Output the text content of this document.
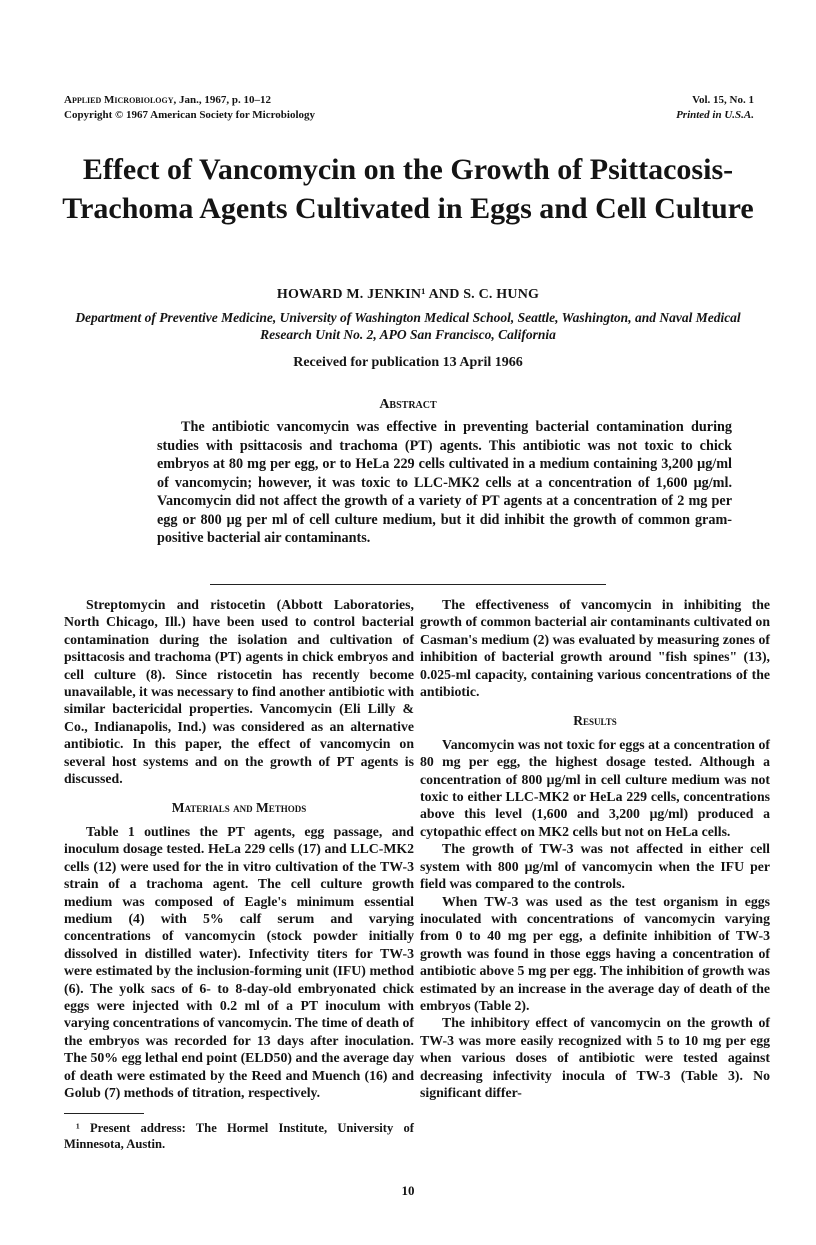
Applied Microbiology, Jan., 1967, p. 10–12
Copyright © 1967 American Society for Microbiology
Vol. 15, No. 1
Printed in U.S.A.
Effect of Vancomycin on the Growth of Psittacosis-Trachoma Agents Cultivated in Eggs and Cell Culture
HOWARD M. JENKIN¹ AND S. C. HUNG
Department of Preventive Medicine, University of Washington Medical School, Seattle, Washington, and Naval Medical Research Unit No. 2, APO San Francisco, California
Received for publication 13 April 1966
Abstract

The antibiotic vancomycin was effective in preventing bacterial contamination during studies with psittacosis and trachoma (PT) agents. This antibiotic was not toxic to chick embryos at 80 mg per egg, or to HeLa 229 cells cultivated in a medium containing 3,200 μg/ml of vancomycin; however, it was toxic to LLC-MK2 cells at a concentration of 1,600 μg/ml. Vancomycin did not affect the growth of a variety of PT agents at a concentration of 2 mg per egg or 800 μg per ml of cell culture medium, but it did inhibit the growth of common gram-positive bacterial air contaminants.

Streptomycin and ristocetin (Abbott Laboratories, North Chicago, Ill.) have been used to control bacterial contamination during the isolation and cultivation of psittacosis and trachoma (PT) agents in chick embryos and cell culture (8). Since ristocetin has recently become unavailable, it was necessary to find another antibiotic with similar bactericidal properties. Vancomycin (Eli Lilly & Co., Indianapolis, Ind.) was considered as an alternative antibiotic. In this paper, the effect of vancomycin on several host systems and on the growth of PT agents is discussed.

Materials and Methods

Table 1 outlines the PT agents, egg passage, and inoculum dosage tested. HeLa 229 cells (17) and LLC-MK2 cells (12) were used for the in vitro cultivation of the TW-3 strain of a trachoma agent. The cell culture growth medium was composed of Eagle's minimum essential medium (4) with 5% calf serum and varying concentrations of vancomycin (stock powder initially dissolved in distilled water). Infectivity titers for TW-3 were estimated by the inclusion-forming unit (IFU) method (6). The yolk sacs of 6- to 8-day-old embryonated chick eggs were injected with 0.2 ml of a PT inoculum with varying concentrations of vancomycin. The time of death of the embryos was recorded for 13 days after inoculation. The 50% egg lethal end point (ELD50) and the average day of death were estimated by the Reed and Muench (16) and Golub (7) methods of titration, respectively.

¹ Present address: The Hormel Institute, University of Minnesota, Austin.

The effectiveness of vancomycin in inhibiting the growth of common bacterial air contaminants cultivated on Casman's medium (2) was evaluated by measuring zones of inhibition of bacterial growth around "fish spines" (13), 0.025-ml capacity, containing various concentrations of the antibiotic.

Results

Vancomycin was not toxic for eggs at a concentration of 80 mg per egg, the highest dosage tested. Although a concentration of 800 μg/ml in cell culture medium was not toxic to either LLC-MK2 or HeLa 229 cells, concentrations above this level (1,600 and 3,200 μg/ml) produced a cytopathic effect on MK2 cells but not on HeLa cells.

The growth of TW-3 was not affected in either cell system with 800 μg/ml of vancomycin when the IFU per field was compared to the controls.

When TW-3 was used as the test organism in eggs inoculated with concentrations of vancomycin varying from 0 to 40 mg per egg, a definite inhibition of TW-3 growth was found in those eggs having a concentration of antibiotic above 5 mg per egg. The inhibition of growth was estimated by an increase in the average day of death of the embryos (Table 2).

The inhibitory effect of vancomycin on the growth of TW-3 was more easily recognized with 5 to 10 mg per egg when various doses of antibiotic were tested against decreasing infectivity inocula of TW-3 (Table 3). No significant differ-

10
